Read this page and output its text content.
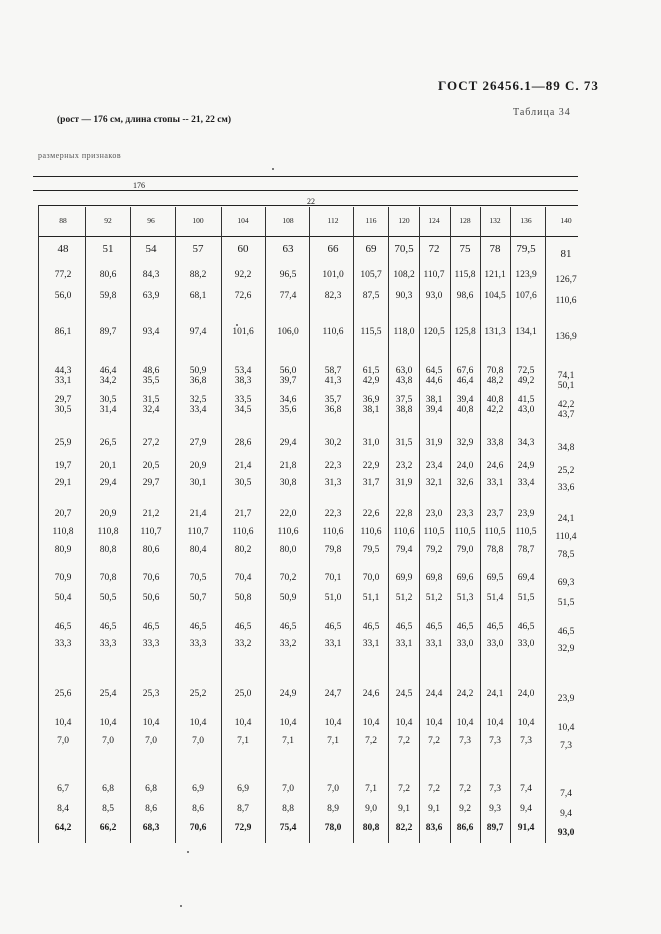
ГОСТ 26456.1—89 С. 73
(рост — 176 см, длина стопы -- 21, 22 см)
Таблица 34
размерных признаков
176
22
88	92	96	100	104	108	112	116	120	124	128	132	136	140
48	51	54	57	60	63	66 69 70,5 72 75 78 79,5 81
77,2	80,6	84,3	88,2	92,2	96,5	101,0 105,7 108,2 110,7 115,8 121,1 123,9 126,7
56,0	59,8	63,9	68,1	72,6	77,4	82,3 87,5 90,3 93,0 98,6 104,5 107,6 110,6
86,1	89,7	93,4	97,4	101,6 106,0	110,6 115,5 118,0 120,5 125,8 131,3 134,1 136,9
44,3	46,4	48,6	50,9	53,4	56,0	58,7 61,5 63,0 64,5 67,6 70,8 72,5 74,1
33,1	34,2	35,5	36,8	38,3	39,7	41,3 42,9 43,8 44,6 46,4 48,2 49,2 50,1
29,7	30,5	31,5	32,5	33,5	34,6	35,7 36,9 37,5 38,1 39,4 40,8 41,5 42,2
30,5	31,4	32,4	33,4	34,5	35,6	36,8 38,1 38,8 39,4 40,8 42,2 43,0 43,7
25,9	26,5	27,2	27,9	28,6	29,4	30,2 31,0 31,5 31,9 32,9 33,8 34,3 34,8
19,7	20,1	20,5	20,9	21,4	21,8	22,3 22,9 23,2 23,4 24,0 24,6 24,9 25,2
29,1	29,4	29,7	30,1	30,5	30,8	31,3 31,7 31,9 32,1 32,6 33,1 33,4 33,6
20,7	20,9	21,2	21,4	21,7	22,0	22,3 22,6 22,8 23,0 23,3 23,7 23,9 24,1
110,8	110,8 110,7	110,7	110,6	110,6	110,6 110,6 110,6 110,5 110,5 110,5 110,5 110,4
80,9	80,8	80,6	80,4	80,2	80,0	79,8 79,5 79,4 79,2 79,0 78,8 78,7 78,5
70,9	70,8	70,6	70,5	70,4	70,2	70,1 70,0 69,9 69,8 69,6 69,5 69,4 69,3
50,4	50,5	50,6	50,7	50,8	50,9	51,0 51,1 51,2 51,2 51,3 51,4 51,5 51,5
46,5	46,5	46,5	46,5	46,5	46,5	46,5 46,5 46,5 46,5 46,5 46,5 46,5 46,5
33,3	33,3	33,3	33,3	33,2	33,2	33,1 33,1 33,1 33,1 33,0 33,0 33,0 32,9
25,6	25,4	25,3	25,2	25,0	24,9	24,7 24,6 24,5 24,4 24,2 24,1 24,0 23,9
10,4	10,4	10,4	10,4	10,4	10,4	10,4 10,4 10,4 10,4 10,4 10,4 10,4 10,4
7,0	7,0	7,0	7,0	7,1	7,1	7,1	7,2 7,2 7,2 7,3 7,3 7,3	7,3
6,7	6,8	6,8	6,9	6,9	7,0	7,0	7,1 7,2 7,2 7,2 7,3 7,4	7,4
8,4	8,5	8,6	8,6	8,7	8,8	8,9	9,0 9,1 9,1 9,2 9,3 9,4	9,4
64,2	66,2	68,3	70,6	72,9	75,4	78,0 80,8 82,2 83,6 86,6 89,7 91,4 93,0
